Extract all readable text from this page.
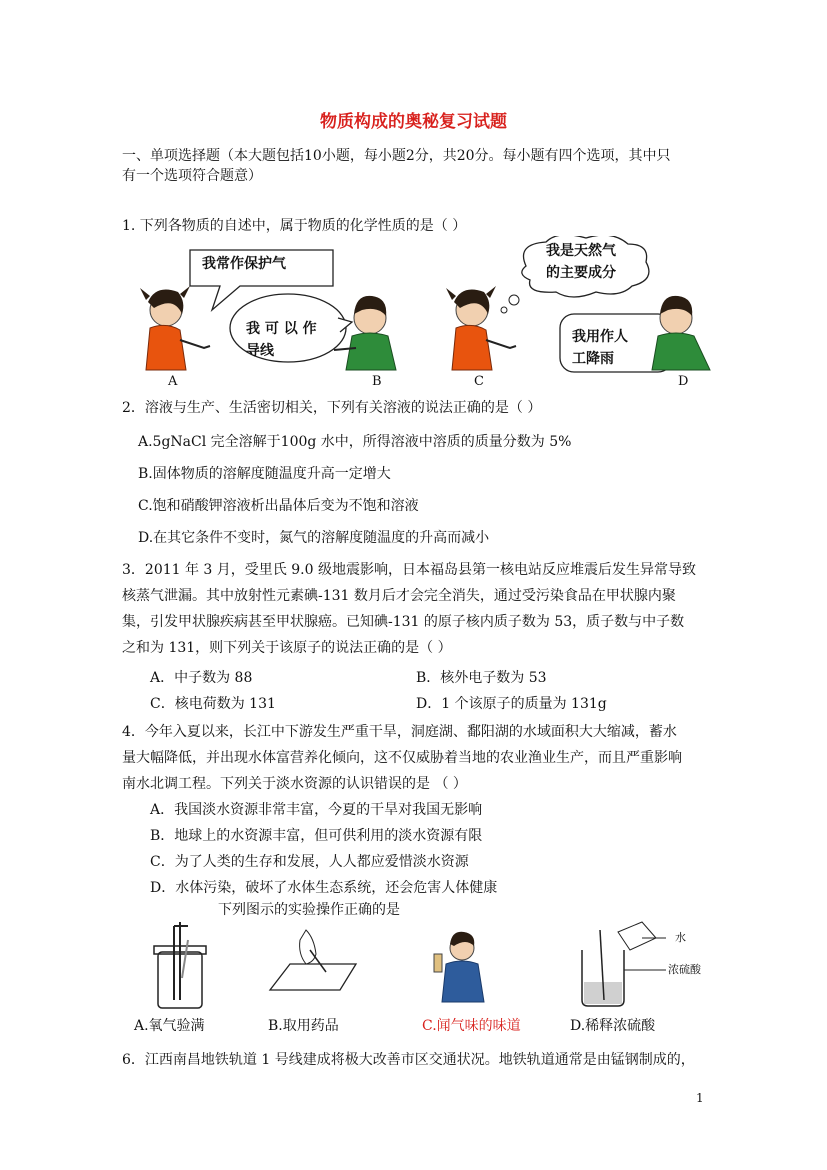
物质构成的奥秘复习试题
一、单项选择题（本大题包括10小题，每小题2分，共20分。每小题有四个选项，其中只
有一个选项符合题意）
1. 下列各物质的自述中，属于物质的化学性质的是（ ）
我常作保护气
我 可 以 作
导线
我是天然气
的主要成分
我用作人
工降雨
A	B	C	D
2．溶液与生产、生活密切相关，下列有关溶液的说法正确的是（ ）
A.5gNaCl 完全溶解于100g 水中，所得溶液中溶质的质量分数为 5%
B.固体物质的溶解度随温度升高一定增大
C.饱和硝酸钾溶液析出晶体后变为不饱和溶液
D.在其它条件不变时，氮气的溶解度随温度的升高而减小
3．2011 年 3 月，受里氏 9.0 级地震影响，日本福岛县第一核电站反应堆震后发生异常导致
核蒸气泄漏。其中放射性元素碘-131 数月后才会完全消失，通过受污染食品在甲状腺内聚
集，引发甲状腺疾病甚至甲状腺癌。已知碘-131 的原子核内质子数为 53，质子数与中子数
之和为 131，则下列关于该原子的说法正确的是（ ）
A．中子数为 88	B．核外电子数为 53
C．核电荷数为 131	D．1 个该原子的质量为 131g
4．今年入夏以来，长江中下游发生严重干旱，洞庭湖、鄱阳湖的水域面积大大缩减，蓄水
量大幅降低，并出现水体富营养化倾向，这不仅威胁着当地的农业渔业生产，而且严重影响
南水北调工程。下列关于淡水资源的认识错误的是 （ ）
A．我国淡水资源非常丰富，今夏的干旱对我国无影响
B．地球上的水资源丰富，但可供利用的淡水资源有限
C．为了人类的生存和发展，人人都应爱惜淡水资源
D．水体污染，破坏了水体生态系统，还会危害人体健康
下列图示的实验操作正确的是
水
浓硫酸
A.氧气验满	B.取用药品	C.闻气味的味道	D.稀释浓硫酸
6．江西南昌地铁轨道 1 号线建成将极大改善市区交通状况。地铁轨道通常是由锰钢制成的，
1
